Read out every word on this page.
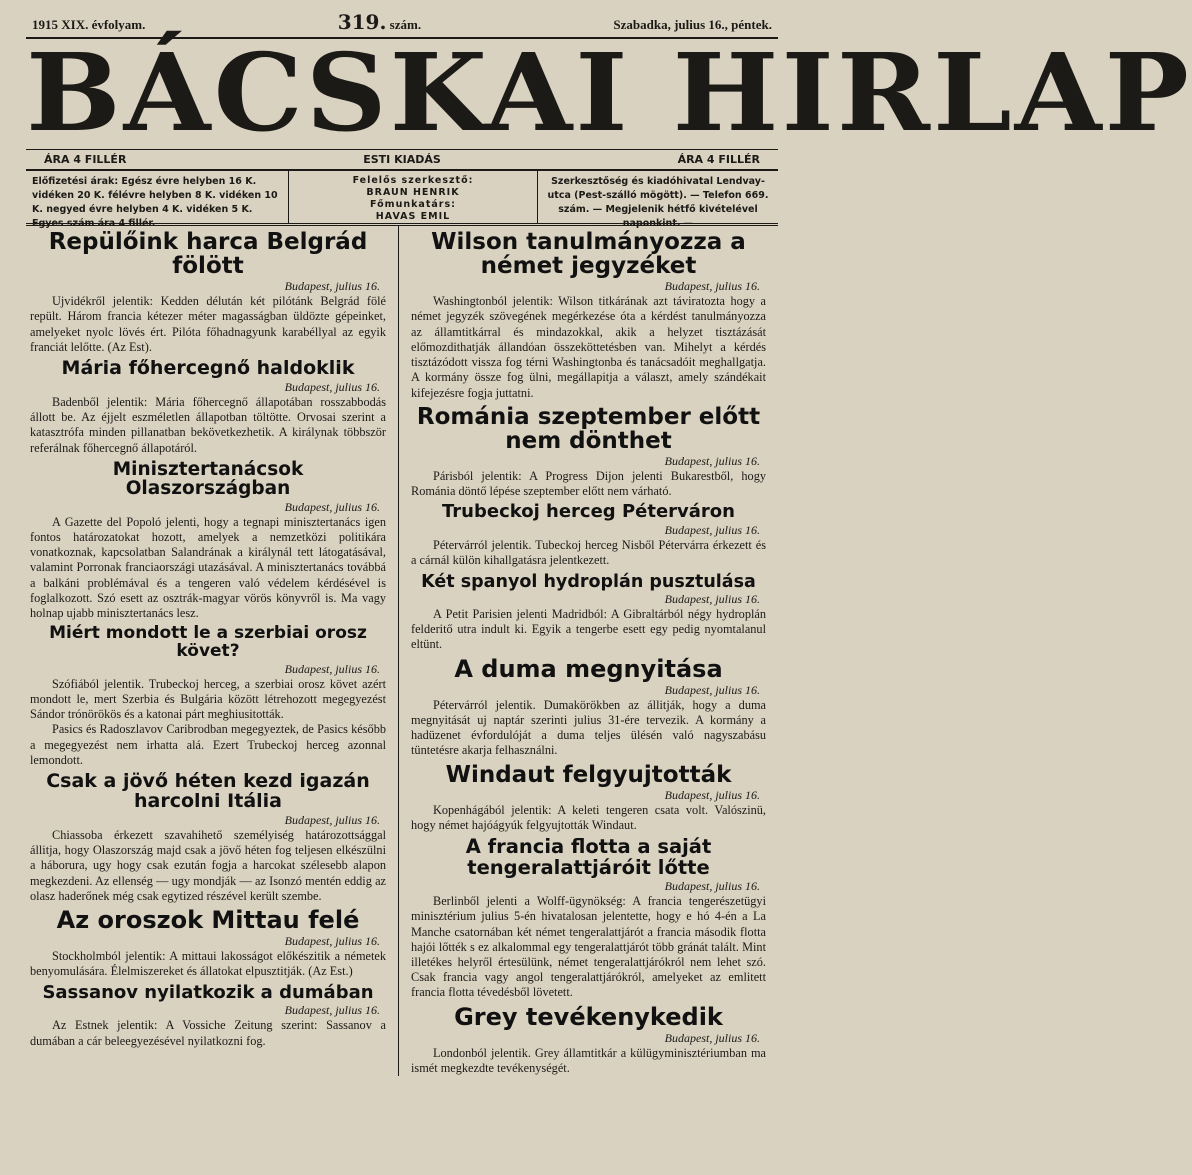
1915 XIX. évfolyam.	319. szám.	Szabadka, julius 16., péntek.
BÁCSKAI HIRLAP
ÁRA 4 FILLÉR	ESTI KIADÁS	ÁRA 4 FILLÉR
Előfizetési árak: Egész évre helyben 16 K. vidéken 20 K. félévre helyben 8 K. vidéken 10 K. negyed évre helyben 4 K. vidéken 5 K. Egyes szám ára 4 fillér.
Felelős szerkesztő:
BRAUN HENRIK
Főmunkatárs:
HAVAS EMIL
Szerkesztőség és kiadóhivatal Lendvay-utca (Pest-szálló mögött). — Telefon 669. szám. — Megjelenik hétfő kivételével naponkint. —
Repülőink harca Belgrád fölött
Budapest, julius 16.

Ujvidékről jelentik: Kedden délután két pilótánk Belgrád fölé repült. Három francia kétezer méter magasságban üldözte gépeinket, amelyeket nyolc lövés ért. Pilóta főhadnagyunk karabéllyal az egyik franciát lelőtte. (Az Est).

Mária főhercegnő haldoklik
Budapest, julius 16.

Badenből jelentik: Mária főhercegnő állapotában rosszabbodás állott be. Az éjjelt eszméletlen állapotban töltötte. Orvosai szerint a katasztrófa minden pillanatban bekövetkezhetik. A királynak többször referálnak főhercegnő állapotáról.

Minisztertanácsok Olaszországban
Budapest, julius 16.

A Gazette del Popoló jelenti, hogy a tegnapi minisztertanács igen fontos határozatokat hozott, amelyek a nemzetközi politikára vonatkoznak, kapcsolatban Salandrának a királynál tett látogatásával, valamint Porronak franciaországi utazásával. A minisztertanács továbbá a balkáni problémával és a tengeren való védelem kérdésével is foglalkozott. Szó esett az osztrák-magyar vörös könyvről is. Ma vagy holnap ujabb minisztertanács lesz.

Miért mondott le a szerbiai orosz követ?
Budapest, julius 16.

Szófiából jelentik. Trubeckoj herceg, a szerbiai orosz követ azért mondott le, mert Szerbia és Bulgária között létrehozott megegyezést Sándor trónörökös és a katonai párt meghiusitották.

Pasics és Radoszlavov Caribrodban megegyeztek, de Pasics később a megegyezést nem irhatta alá. Ezert Trubeckoj herceg azonnal lemondott.

Csak a jövő héten kezd igazán harcolni Itália
Budapest, julius 16.

Chiassoba érkezett szavahihető személyiség határozottsággal állitja, hogy Olaszország majd csak a jövő héten fog teljesen elkészülni a háborura, ugy hogy csak ezután fogja a harcokat szélesebb alapon megkezdeni. Az ellenség — ugy mondják — az Isonzó mentén eddig az olasz haderőnek még csak egytized részével került szembe.

Az oroszok Mittau felé
Budapest, julius 16.

Stockholmból jelentik: A mittaui lakosságot előkészitik a németek benyomulására. Élelmiszereket és állatokat elpusztitják. (Az Est.)

Sassanov nyilatkozik a dumában
Budapest, julius 16.

Az Estnek jelentik: A Vossiche Zeitung szerint: Sassanov a dumában a cár beleegyezésével nyilatkozni fog.

Wilson tanulmányozza a német jegyzéket
Budapest, julius 16.

Washingtonból jelentik: Wilson titkárának azt táviratozta hogy a német jegyzék szövegének megérkezése óta a kérdést tanulmányozza az államtitkárral és mindazokkal, akik a helyzet tisztázását előmozdithatják állandóan összeköttetésben van. Mihelyt a kérdés tisztázódott vissza fog térni Washingtonba és tanácsadóit meghallgatja. A kormány össze fog ülni, megállapitja a választ, amely szándékait kifejezésre fogja juttatni.

Románia szeptember előtt nem dönthet
Budapest, julius 16.

Párisból jelentik: A Progress Dijon jelenti Bukarestből, hogy Románia döntő lépése szeptember előtt nem várható.

Trubeckoj herceg Péterváron
Budapest, julius 16.

Pétervárról jelentik. Tubeckoj herceg Nisből Pétervárra érkezett és a cárnál külön kihallgatásra jelentkezett.

Két spanyol hydroplán pusztulása
Budapest, julius 16.

A Petit Parisien jelenti Madridból: A Gibraltárból négy hydroplán felderitő utra indult ki. Egyik a tengerbe esett egy pedig nyomtalanul eltünt.

A duma megnyitása
Budapest, julius 16.

Pétervárról jelentik. Dumakörökben az állitják, hogy a duma megnyitását uj naptár szerinti julius 31-ére tervezik. A kormány a hadüzenet évfordulóját a duma teljes ülésén való nagyszabásu tüntetésre akarja felhasználni.

Windaut felgyujtották
Budapest, julius 16.

Kopenhágából jelentik: A keleti tengeren csata volt. Valószinü, hogy német hajóágyúk felgyujtották Windaut.

A francia flotta a saját tengeralattjáróit lőtte
Budapest, julius 16.

Berlinből jelenti a Wolff-ügynökség: A francia tengerészetügyi minisztérium julius 5-én hivatalosan jelentette, hogy e hó 4-én a La Manche csatornában két német tengeralattjárót a francia második flotta hajói lőtték s ez alkalommal egy tengeralattjárót több gránát talált. Mint illetékes helyről értesülünk, német tengeralattjárókról nem lehet szó. Csak francia vagy angol tengeralattjárókról, amelyeket az emlitett francia flotta tévedésből lövetett.

Grey tevékenykedik
Budapest, julius 16.

Londonból jelentik. Grey államtitkár a külügyminisztériumban ma ismét megkezdte tevékenységét.
